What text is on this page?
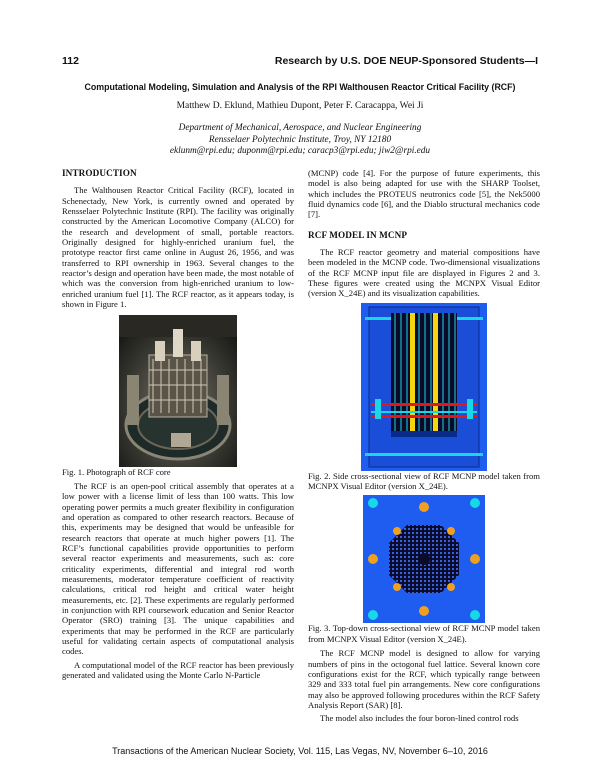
112	Research by U.S. DOE NEUP-Sponsored Students—I
Computational Modeling, Simulation and Analysis of the RPI Walthousen Reactor Critical Facility (RCF)
Matthew D. Eklund, Mathieu Dupont, Peter F. Caracappa, Wei Ji
Department of Mechanical, Aerospace, and Nuclear Engineering
Rensselaer Polytechnic Institute, Troy, NY 12180
eklunm@rpi.edu; duponm@rpi.edu; caracp3@rpi.edu; jiw2@rpi.edu
INTRODUCTION

The Walthousen Reactor Critical Facility (RCF), located in Schenectady, New York, is currently owned and operated by Rensselaer Polytechnic Institute (RPI). The facility was originally constructed by the American Locomotive Company (ALCO) for the research and development of small, portable reactors. Originally designed for highly-enriched uranium fuel, the prototype reactor first came online in August 26, 1956, and was transferred to RPI ownership in 1963. Several changes to the reactor’s design and operation have been made, the most notable of which was the conversion from high-enriched uranium to low-enriched uranium fuel [1]. The RCF reactor, as it appears today, is shown in Figure 1.

Fig. 1. Photograph of RCF core

The RCF is an open-pool critical assembly that operates at a low power with a license limit of less than 100 watts. This low operating power permits a much greater flexibility in configuration and operation as compared to other research reactors. Because of this, experiments may be designed that would be unfeasible for research reactors that operate at much higher powers [1]. The RCF’s functional capabilities provide opportunities to perform several reactor experiments and measurements, such as: core criticality experiments, differential and integral rod worth measurements, moderator temperature coefficient of reactivity calculations, critical rod height and critical water height measurements, etc. [2]. These experiments are regularly performed in conjunction with RPI coursework education and Senior Reactor Operator (SRO) training [3]. The unique capabilities and experiments that may be performed in the RCF are particularly useful for validating certain aspects of computational analysis codes.

A computational model of the RCF reactor has been previously generated and validated using the Monte Carlo N-Particle

(MCNP) code [4]. For the purpose of future experiments, this model is also being adapted for use with the SHARP Toolset, which includes the PROTEUS neutronics code [5], the Nek5000 fluid dynamics code [6], and the Diablo structural mechanics code [7].

RCF MODEL IN MCNP

The RCF reactor geometry and material compositions have been modeled in the MCNP code. Two-dimensional visualizations of the RCF MCNP input file are displayed in Figures 2 and 3. These figures were created using the MCNPX Visual Editor (version X_24E) and its visualization capabilities.

Fig. 2. Side cross-sectional view of RCF MCNP model taken from MCNPX Visual Editor (version X_24E).

Fig. 3. Top-down cross-sectional view of RCF MCNP model taken from MCNPX Visual Editor (version X_24E).

The RCF MCNP model is designed to allow for varying numbers of pins in the octogonal fuel lattice. Several known core configurations exist for the RCF, which typically range between 329 and 333 total fuel pin arrangements. New core configurations may also be approved following procedures within the RCF Safety Analysis Report (SAR) [8].

The model also includes the four boron-lined control rods

Transactions of the American Nuclear Society, Vol. 115, Las Vegas, NV, November 6–10, 2016
